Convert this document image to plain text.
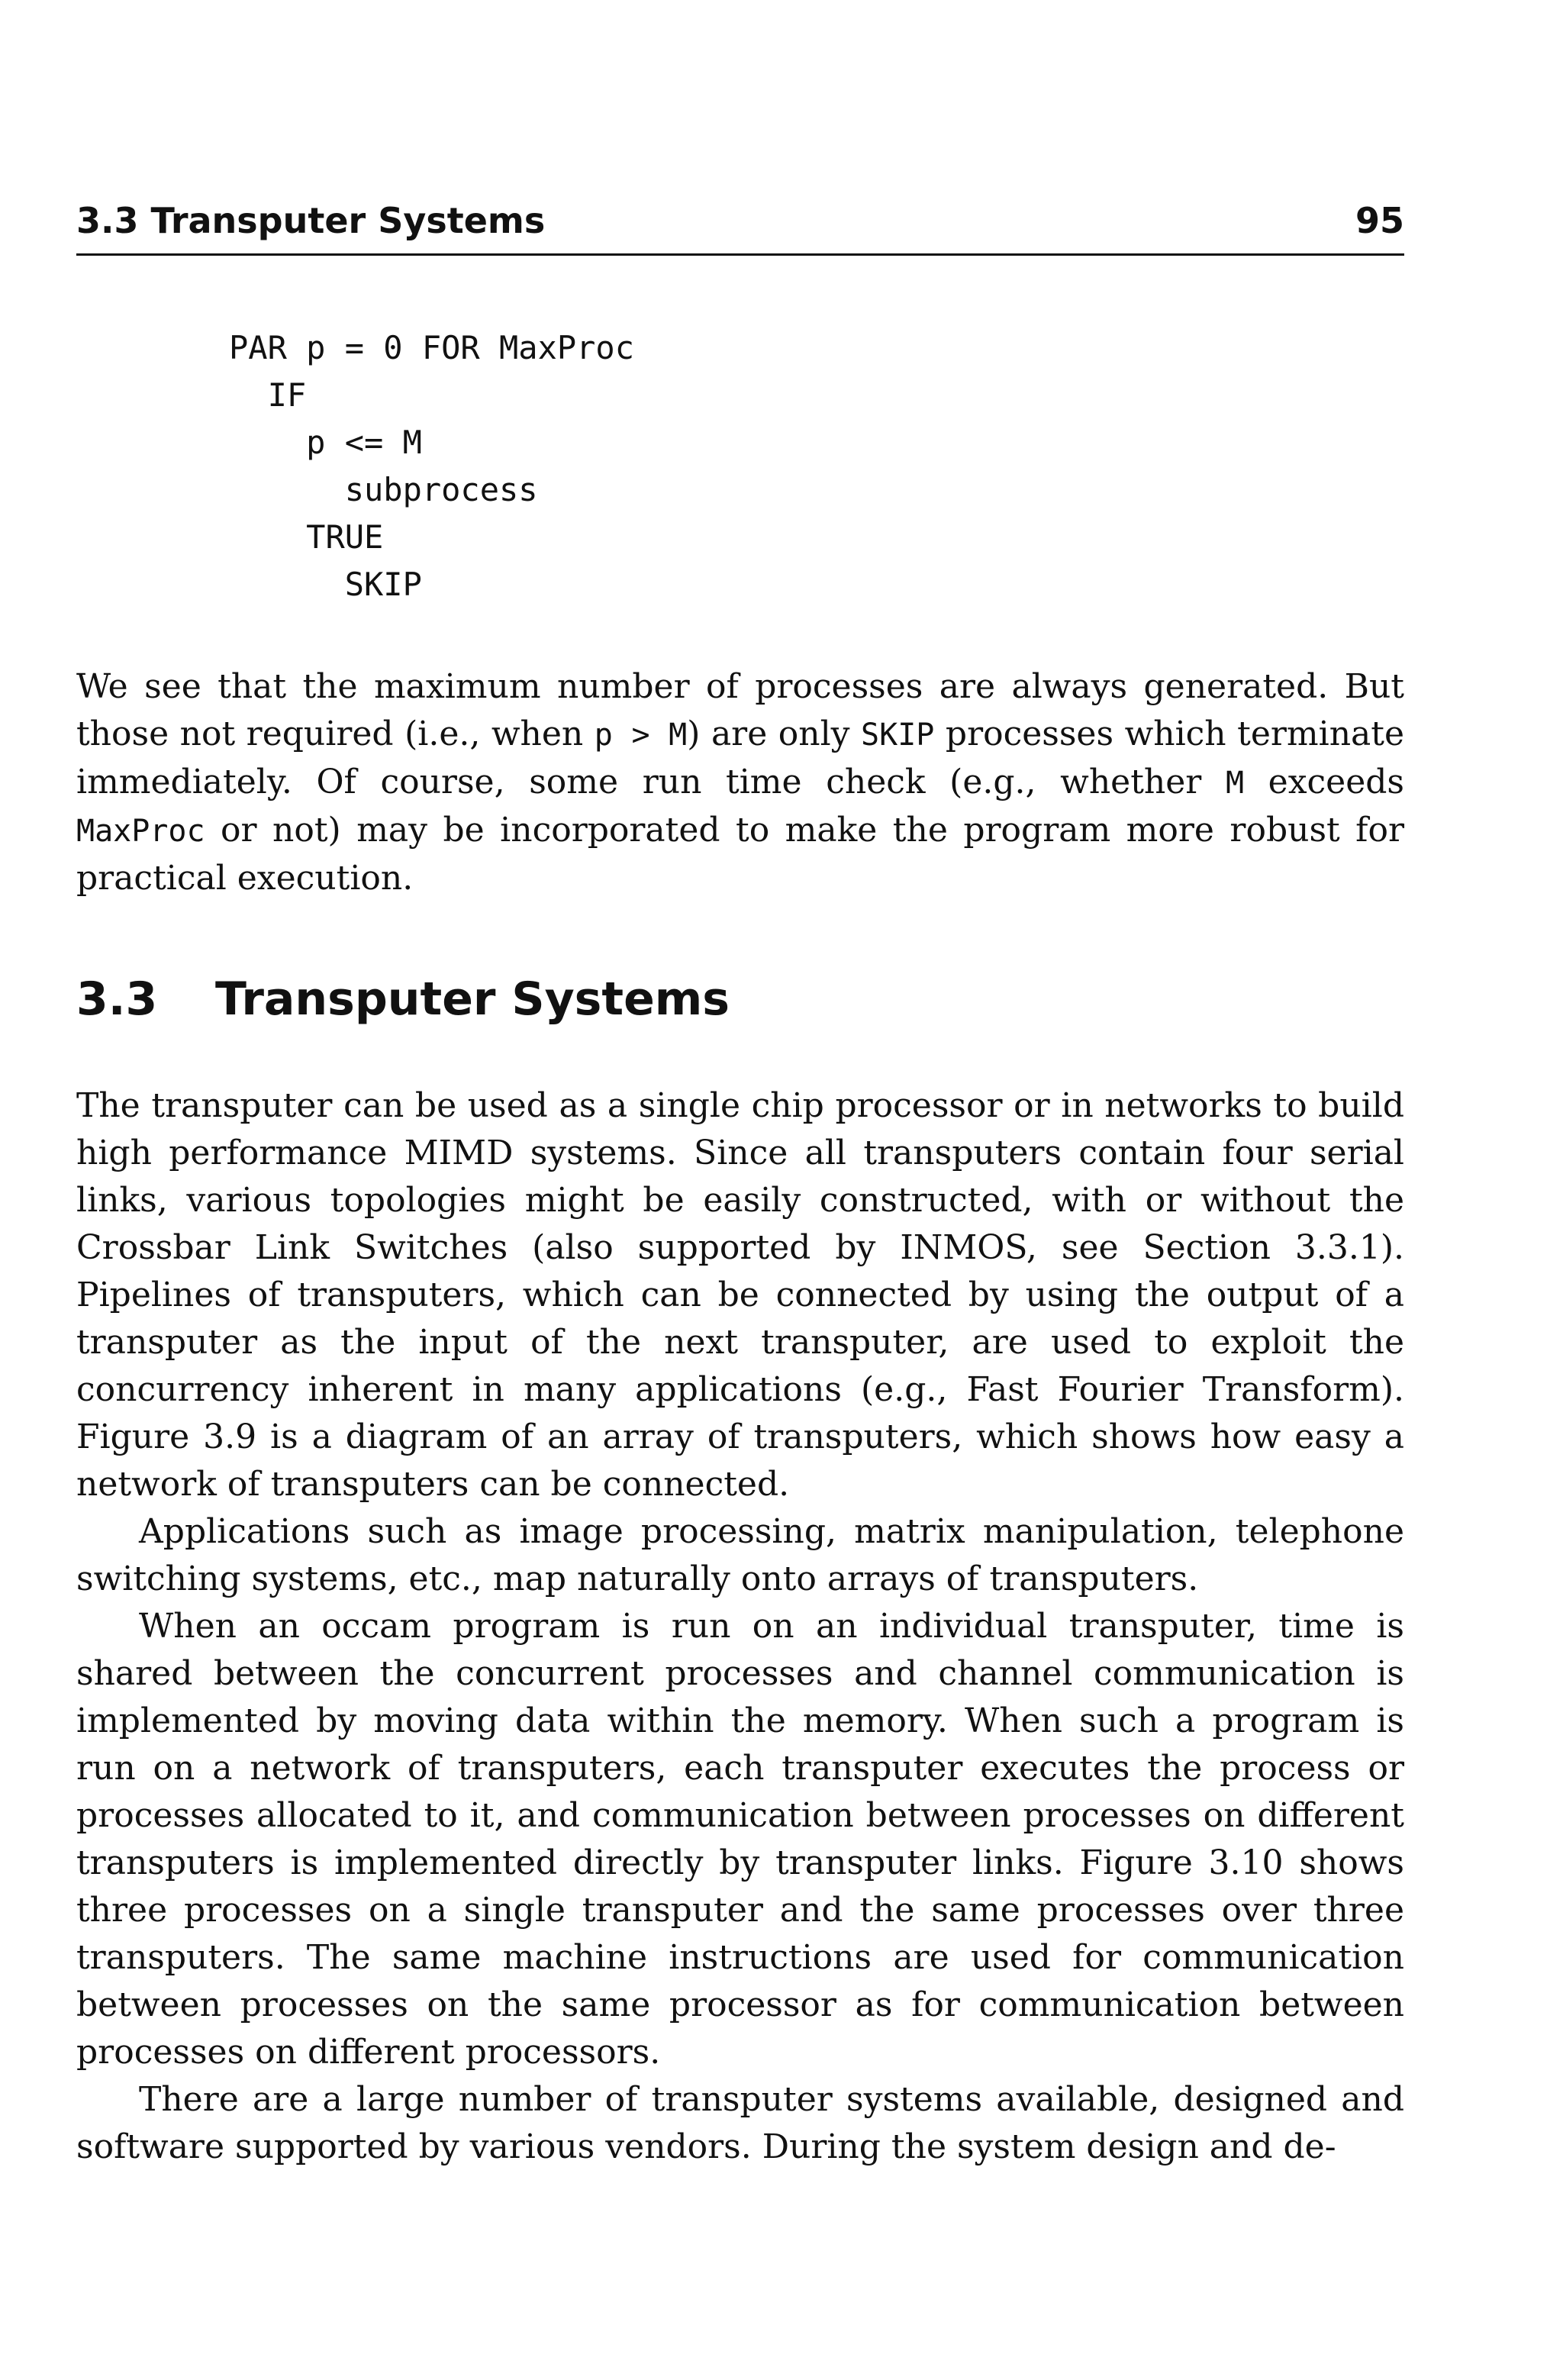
3.3 Transputer Systems	95
PAR p = 0 FOR MaxProc
IF
p <= M
subprocess
TRUE
SKIP

We see that the maximum number of processes are always generated. But those not required (i.e., when p > M) are only SKIP processes which terminate immediately. Of course, some run time check (e.g., whether M exceeds MaxProc or not) may be incorporated to make the program more robust for practical execution.

3.3 Transputer Systems

The transputer can be used as a single chip processor or in networks to build high performance MIMD systems. Since all transputers contain four serial links, various topologies might be easily constructed, with or without the Crossbar Link Switches (also supported by INMOS, see Section 3.3.1). Pipelines of transputers, which can be connected by using the output of a transputer as the input of the next transputer, are used to exploit the concurrency inherent in many applications (e.g., Fast Fourier Transform). Figure 3.9 is a diagram of an array of transputers, which shows how easy a network of transputers can be connected.

Applications such as image processing, matrix manipulation, telephone switching systems, etc., map naturally onto arrays of transputers.

When an occam program is run on an individual transputer, time is shared between the concurrent processes and channel communication is implemented by moving data within the memory. When such a program is run on a network of transputers, each transputer executes the process or processes allocated to it, and communication between processes on different transputers is implemented directly by transputer links. Figure 3.10 shows three processes on a single transputer and the same processes over three transputers. The same machine instructions are used for communication between processes on the same processor as for communication between processes on different processors.

There are a large number of transputer systems available, designed and software supported by various vendors. During the system design and de-
